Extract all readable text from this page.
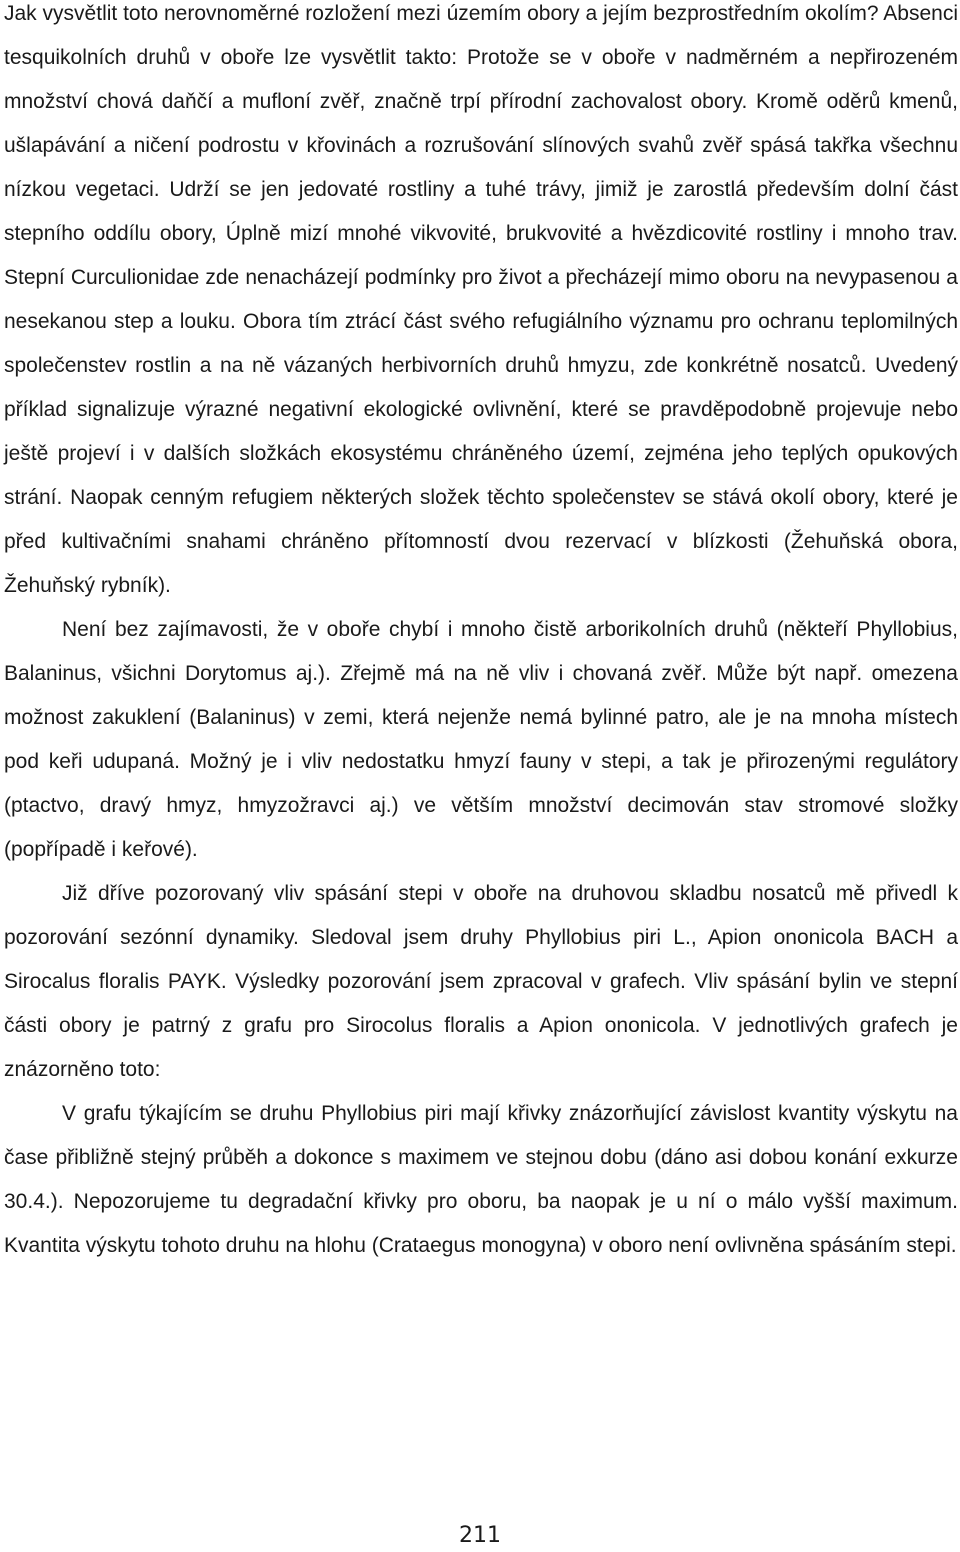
Jak vysvětlit toto nerovnoměrné rozložení mezi územím obory a jejím bezprostředním okolím? Absenci tesquikolních druhů v oboře lze vysvětlit takto: Protože se v oboře v nadměrném a nepřirozeném množství chová daňčí a mufloní zvěř, značně trpí přírodní zachovalost obory. Kromě oděrů kmenů, ušlapávání a ničení podrostu v křovinách a rozrušování slínových svahů zvěř spásá takřka všechnu nízkou vegetaci. Udrží se jen jedovaté rostliny a tuhé trávy, jimiž je zarostlá především dolní část stepního oddílu obory, Úplně mizí mnohé vikvovité, brukvovité a hvězdicovité rostliny i mnoho trav. Stepní Curculionidae zde nenacházejí podmínky pro život a přecházejí mimo oboru na nevypasenou a nesekanou step a louku. Obora tím ztrácí část svého refugiálního významu pro ochranu teplomilných společenstev rostlin a na ně vázaných herbivorních druhů hmyzu, zde konkrétně nosatců. Uvedený příklad signalizuje výrazné negativní ekologické ovlivnění, které se pravděpodobně projevuje nebo ještě projeví i v dalších složkách ekosystému chráněného území, zejména jeho teplých opukových strání. Naopak cenným refugiem některých složek těchto společenstev se stává okolí obory, které je před kultivačními snahami chráněno přítomností dvou rezervací v blízkosti (Žehuňská obora, Žehuňský rybník).

Není bez zajímavosti, že v oboře chybí i mnoho čistě arborikolních druhů (někteří Phyllobius, Balaninus, všichni Dorytomus aj.). Zřejmě má na ně vliv i chovaná zvěř. Může být např. omezena možnost zakuklení (Balaninus) v zemi, která nejenže nemá bylinné patro, ale je na mnoha místech pod keři udupaná. Možný je i vliv nedostatku hmyzí fauny v stepi, a tak je přirozenými regulátory (ptactvo, dravý hmyz, hmyzožravci aj.) ve větším množství decimován stav stromové složky (popřípadě i keřové).

Již dříve pozorovaný vliv spásání stepi v oboře na druhovou skladbu nosatců mě přivedl k pozorování sezónní dynamiky. Sledoval jsem druhy Phyllobius piri L., Apion ononicola BACH a Sirocalus floralis PAYK. Výsledky pozorování jsem zpracoval v grafech. Vliv spásání bylin ve stepní části obory je patrný z grafu pro Sirocolus floralis a Apion ononicola. V jednotlivých grafech je znázorněno toto:

V grafu týkajícím se druhu Phyllobius piri mají křivky znázorňující závislost kvantity výskytu na čase přibližně stejný průběh a dokonce s maximem ve stejnou dobu (dáno asi dobou konání exkurze 30.4.). Nepozorujeme tu degradační křivky pro oboru, ba naopak je u ní o málo vyšší maximum. Kvantita výskytu tohoto druhu na hlohu (Crataegus monogyna) v oboro není ovlivněna spásáním stepi.

211
